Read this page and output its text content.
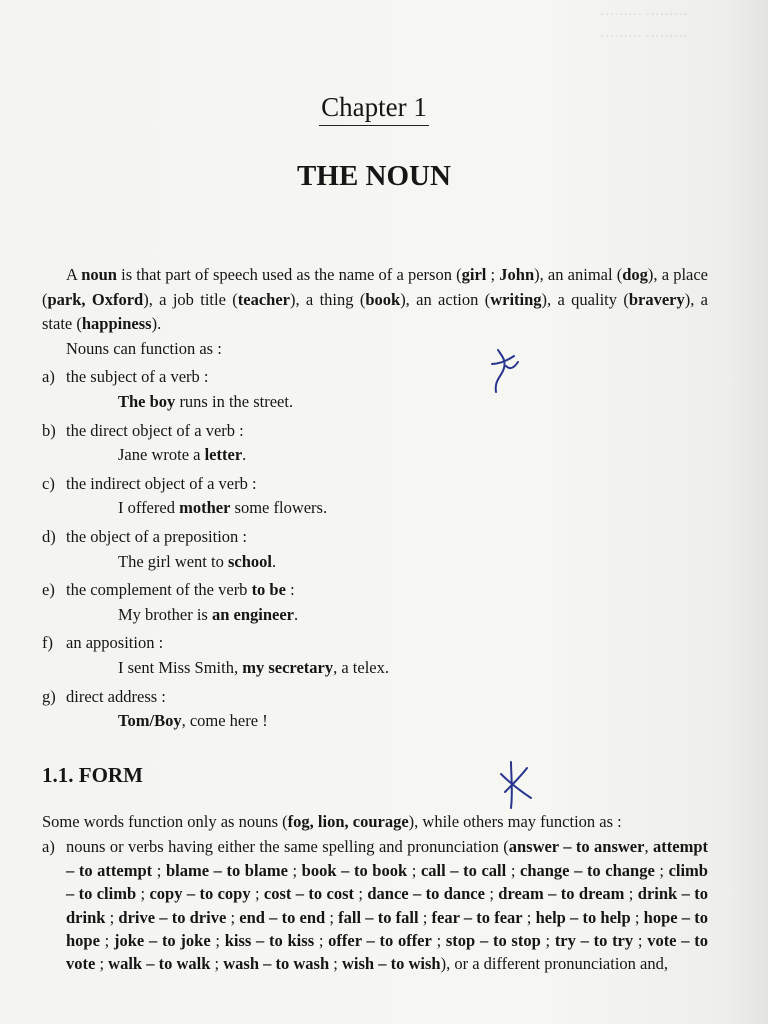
……… ………
……… ………
Chapter 1
THE NOUN

A noun is that part of speech used as the name of a person (girl ; John), an animal (dog), a place (park, Oxford), a job title (teacher), a thing (book), an action (writing), a quality (bravery), a state (happiness).

Nouns can function as :

a) the subject of a verb :
The boy runs in the street.
b) the direct object of a verb :
Jane wrote a letter.
c) the indirect object of a verb :
I offered mother some flowers.
d) the object of a preposition :
The girl went to school.
e) the complement of the verb to be :
My brother is an engineer.
f) an apposition :
I sent Miss Smith, my secretary, a telex.
g) direct address :
Tom/Boy, come here !
1.1. FORM

Some words function only as nouns (fog, lion, courage), while others may function as :

a) nouns or verbs having either the same spelling and pronunciation (answer – to answer, attempt – to attempt ; blame – to blame ; book – to book ; call – to call ; change – to change ; climb – to climb ; copy – to copy ; cost – to cost ; dance – to dance ; dream – to dream ; drink – to drink ; drive – to drive ; end – to end ; fall – to fall ; fear – to fear ; help – to help ; hope – to hope ; joke – to joke ; kiss – to kiss ; offer – to offer ; stop – to stop ; try – to try ; vote – to vote ; walk – to walk ; wash – to wash ; wish – to wish), or a different pronunciation and,
